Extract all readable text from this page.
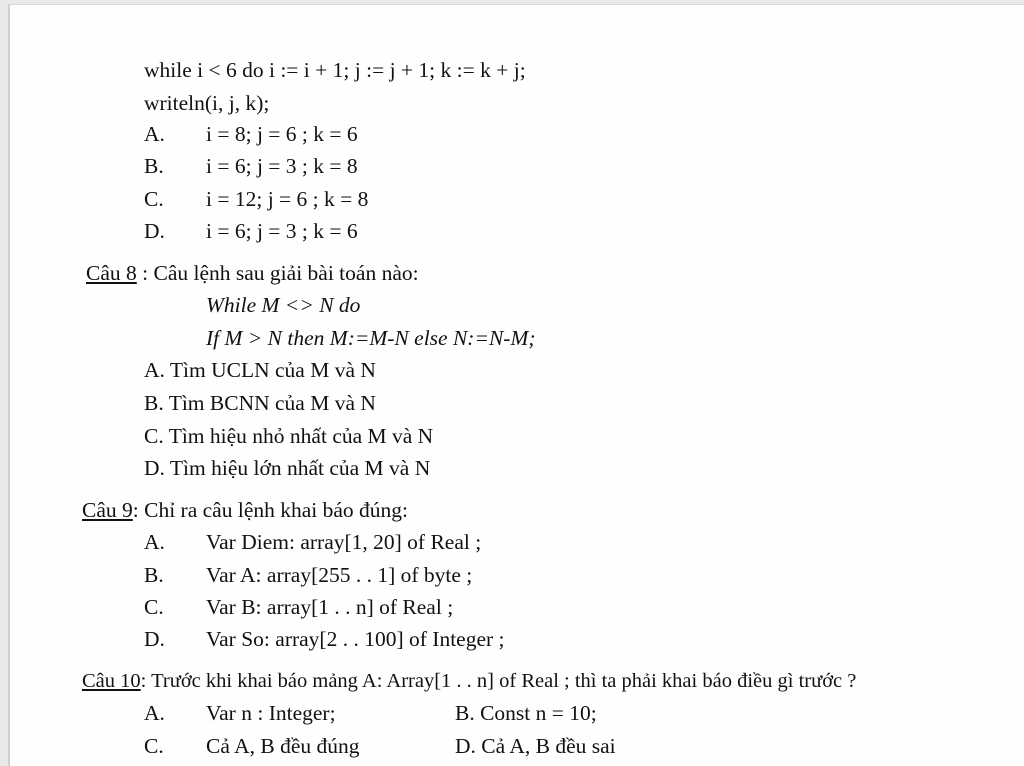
while i < 6 do i := i + 1; j := j + 1; k := k + j;
writeln(i, j, k);
A. i = 8; j = 6 ; k = 6
B. i = 6; j = 3 ; k = 8
C. i = 12; j = 6 ; k = 8
D. i = 6; j = 3 ; k = 6
Câu 8 : Câu lệnh sau giải bài toán nào:
While M <> N do
If M > N then M:=M-N else N:=N-M;
A. Tìm UCLN của M và N
B. Tìm BCNN của M và N
C. Tìm hiệu nhỏ nhất của M và N
D. Tìm hiệu lớn nhất của M và N
Câu 9: Chỉ ra câu lệnh khai báo đúng:
A. Var Diem: array[1, 20] of Real ;
B. Var A: array[255 . . 1] of byte ;
C. Var B: array[1 . . n] of Real ;
D. Var So: array[2 . . 100] of Integer ;
Câu 10: Trước khi khai báo mảng A: Array[1 . . n] of Real ; thì ta phải khai báo điều gì trước ?
A. Var n : Integer;	B. Const n = 10;
C. Cả A, B đều đúng	D. Cả A, B đều sai
